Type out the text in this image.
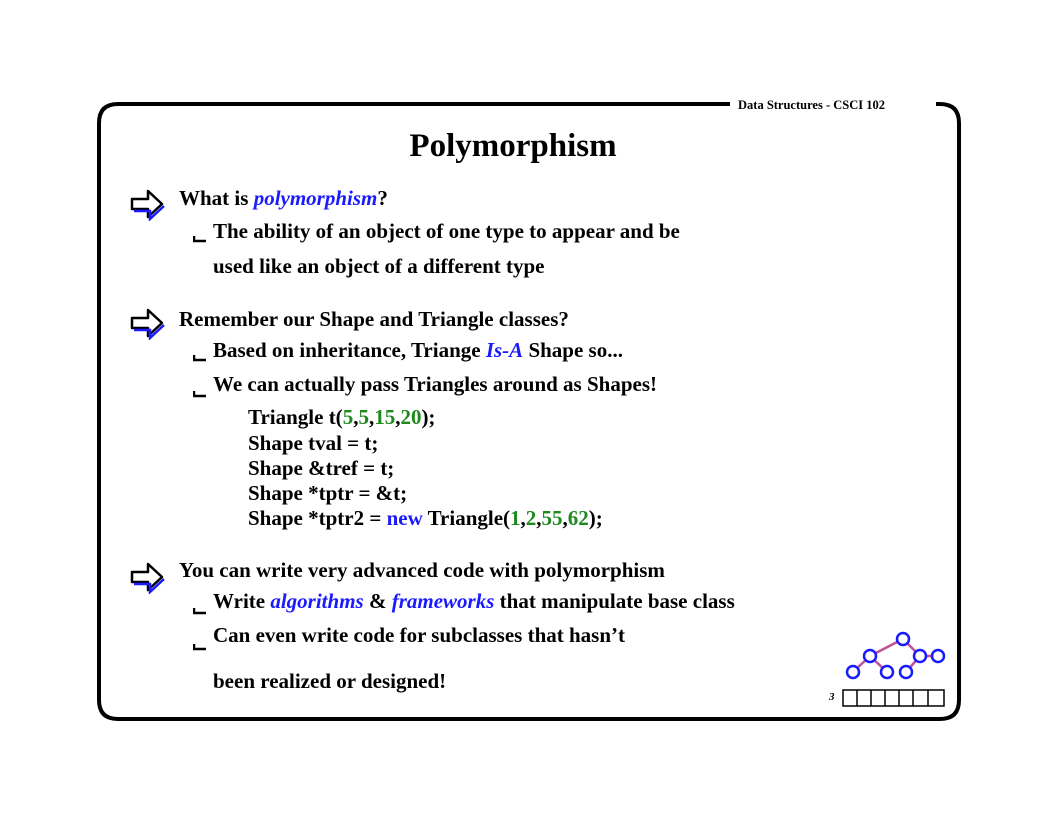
Data Structures - CSCI 102
Polymorphism
What is polymorphism?
The ability of an object of one type to appear and be
used like an object of a different type
Remember our Shape and Triangle classes?
Based on inheritance, Triange Is-A Shape so...
We can actually pass Triangles around as Shapes!
Triangle t(5,5,15,20);
Shape tval = t;
Shape &tref = t;
Shape *tptr = &t;
Shape *tptr2 = new Triangle(1,2,55,62);
You can write very advanced code with polymorphism
Write algorithms & frameworks that manipulate base class
Can even write code for subclasses that hasn’t
been realized or designed!
3
